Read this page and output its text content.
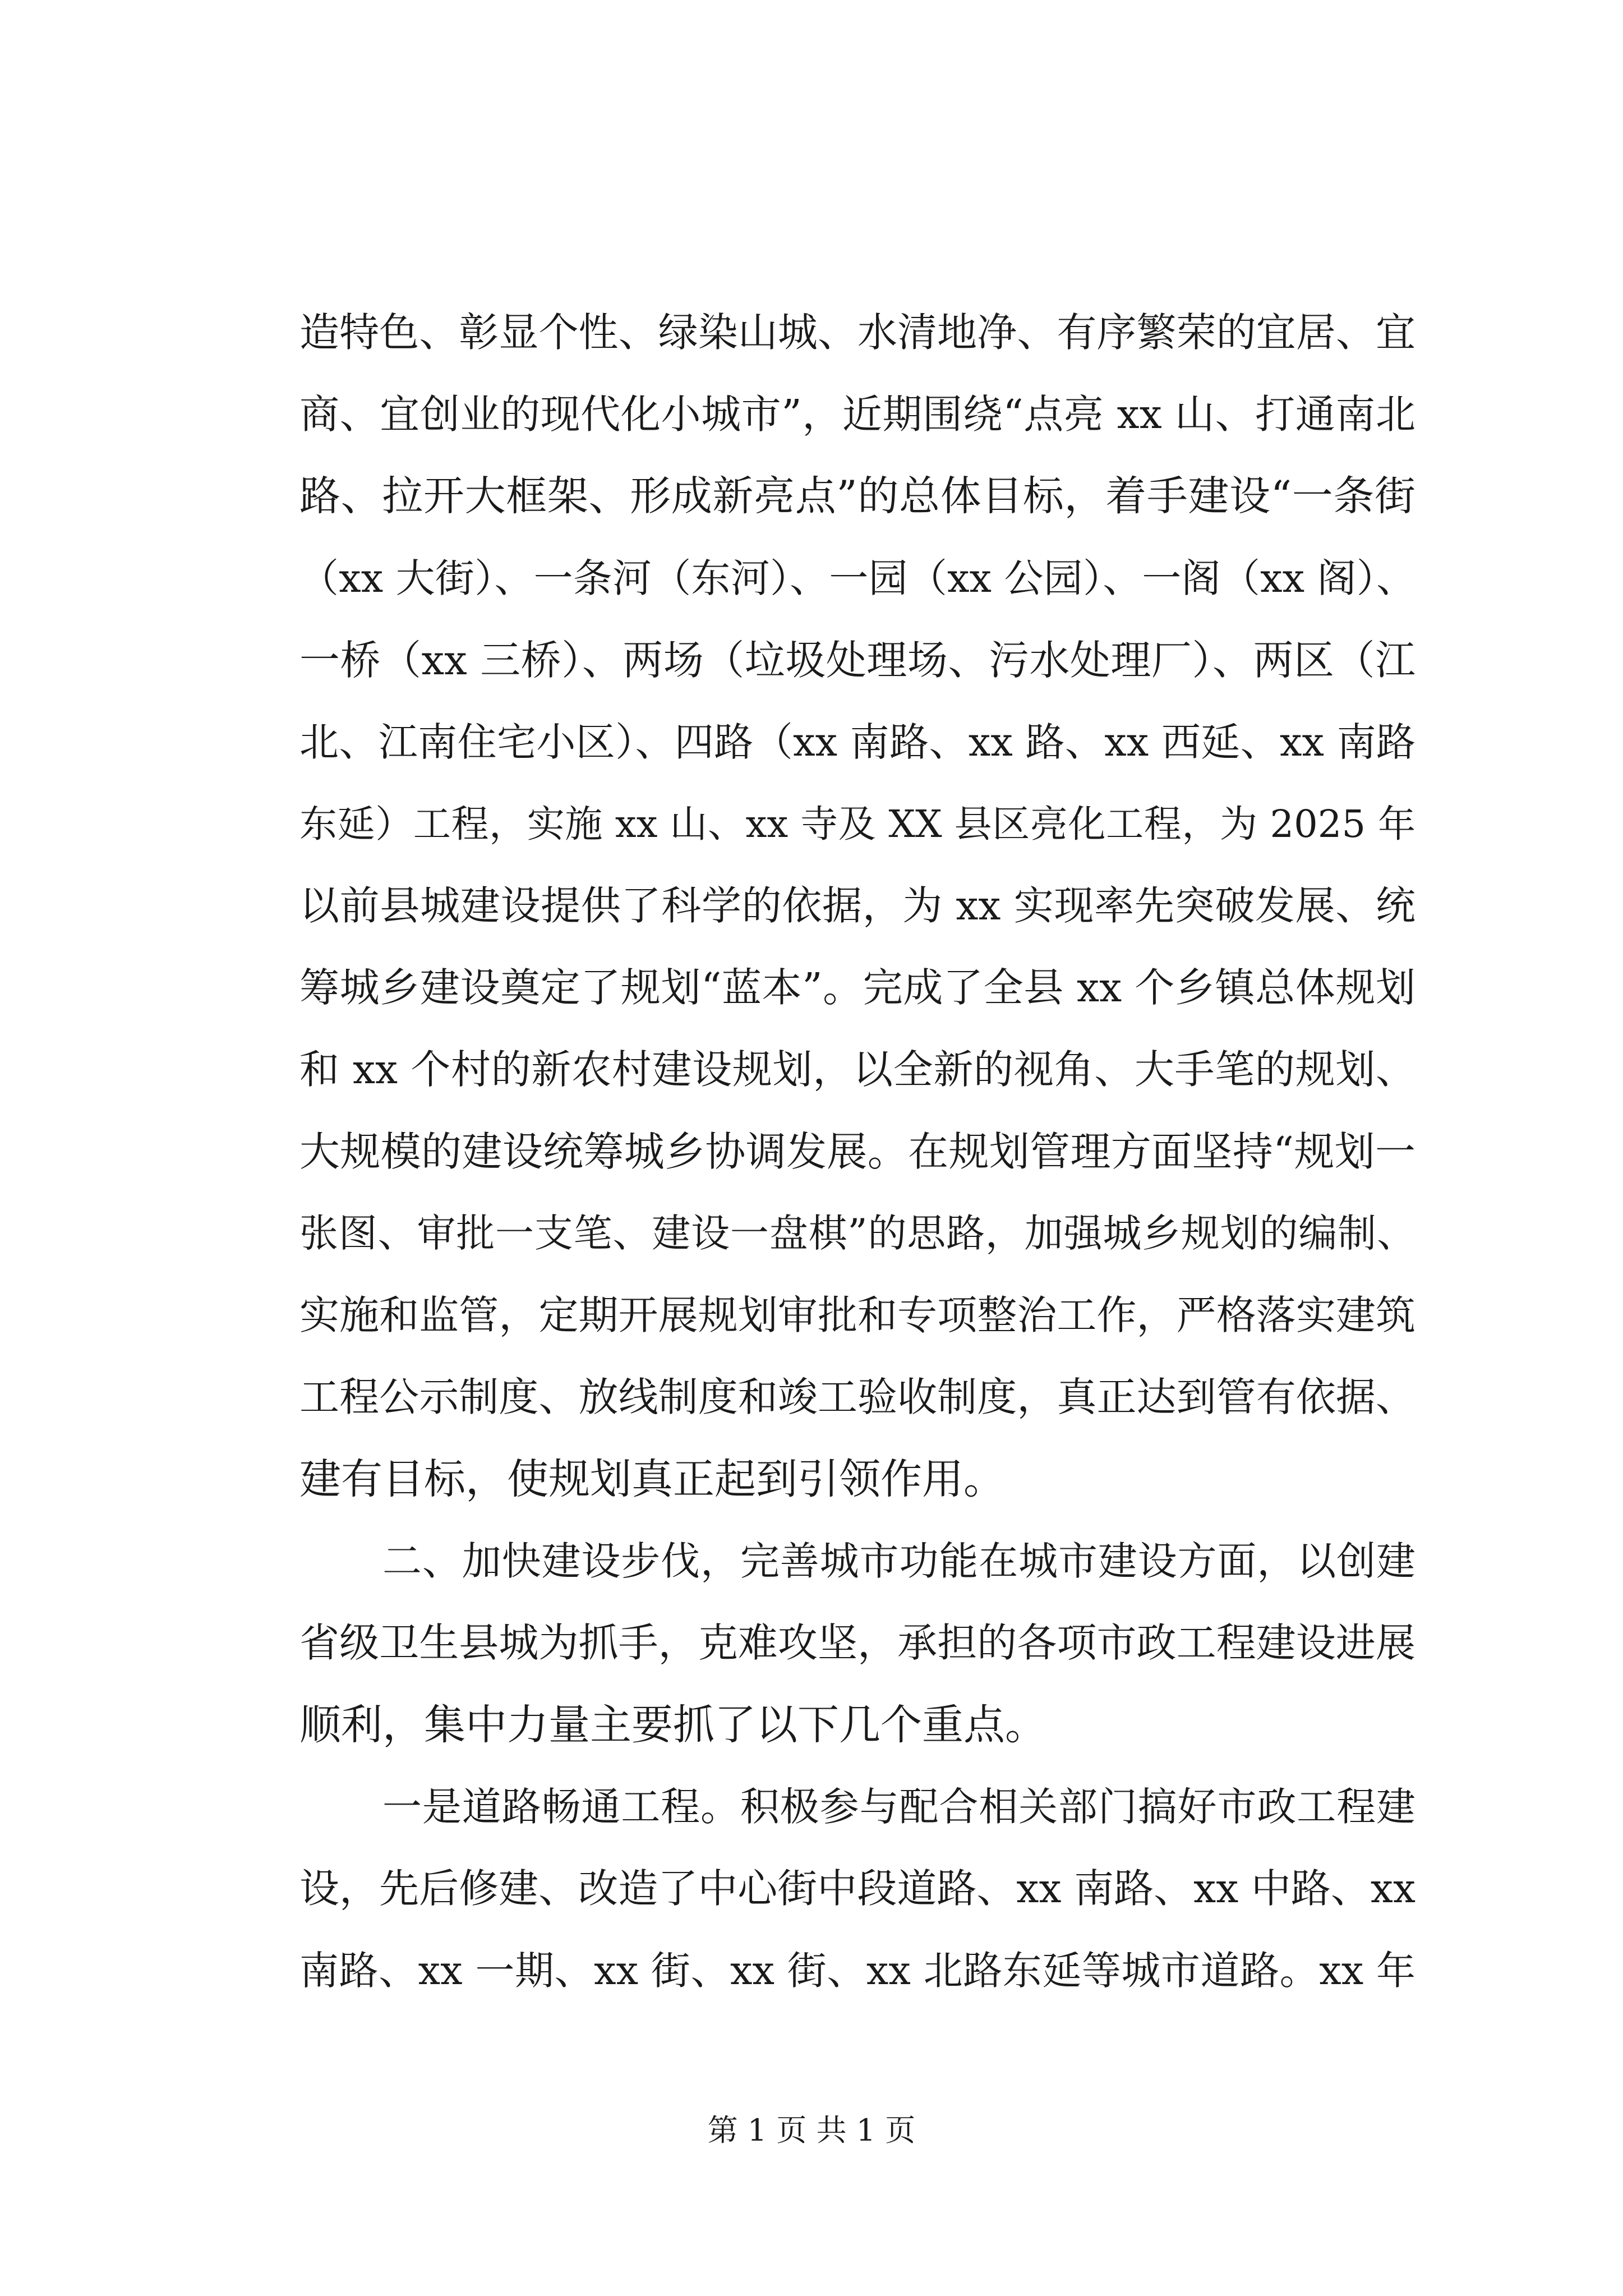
造特色、彰显个性、绿染山城、水清地净、有序繁荣的宜居、宜
商、宜创业的现代化小城市”，近期围绕“点亮 xx 山、打通南北
路、拉开大框架、形成新亮点”的总体目标，着手建设“一条街
（xx 大街）、一条河（东河）、一园（xx 公园）、一阁（xx 阁）、
一桥（xx 三桥）、两场（垃圾处理场、污水处理厂）、两区（江
北、江南住宅小区）、四路（xx 南路、xx 路、xx 西延、xx 南路
东延）工程，实施 xx 山、xx 寺及 XX 县区亮化工程，为 2025 年
以前县城建设提供了科学的依据，为 xx 实现率先突破发展、统
筹城乡建设奠定了规划“蓝本”。完成了全县 xx 个乡镇总体规划
和 xx 个村的新农村建设规划，以全新的视角、大手笔的规划、
大规模的建设统筹城乡协调发展。在规划管理方面坚持“规划一
张图、审批一支笔、建设一盘棋”的思路，加强城乡规划的编制、
实施和监管，定期开展规划审批和专项整治工作，严格落实建筑
工程公示制度、放线制度和竣工验收制度，真正达到管有依据、
建有目标，使规划真正起到引领作用。
二、加快建设步伐，完善城市功能在城市建设方面，以创建
省级卫生县城为抓手，克难攻坚，承担的各项市政工程建设进展
顺利，集中力量主要抓了以下几个重点。
一是道路畅通工程。积极参与配合相关部门搞好市政工程建
设，先后修建、改造了中心街中段道路、xx 南路、xx 中路、xx
南路、xx 一期、xx 街、xx 街、xx 北路东延等城市道路。xx 年
第 1 页 共 1 页
